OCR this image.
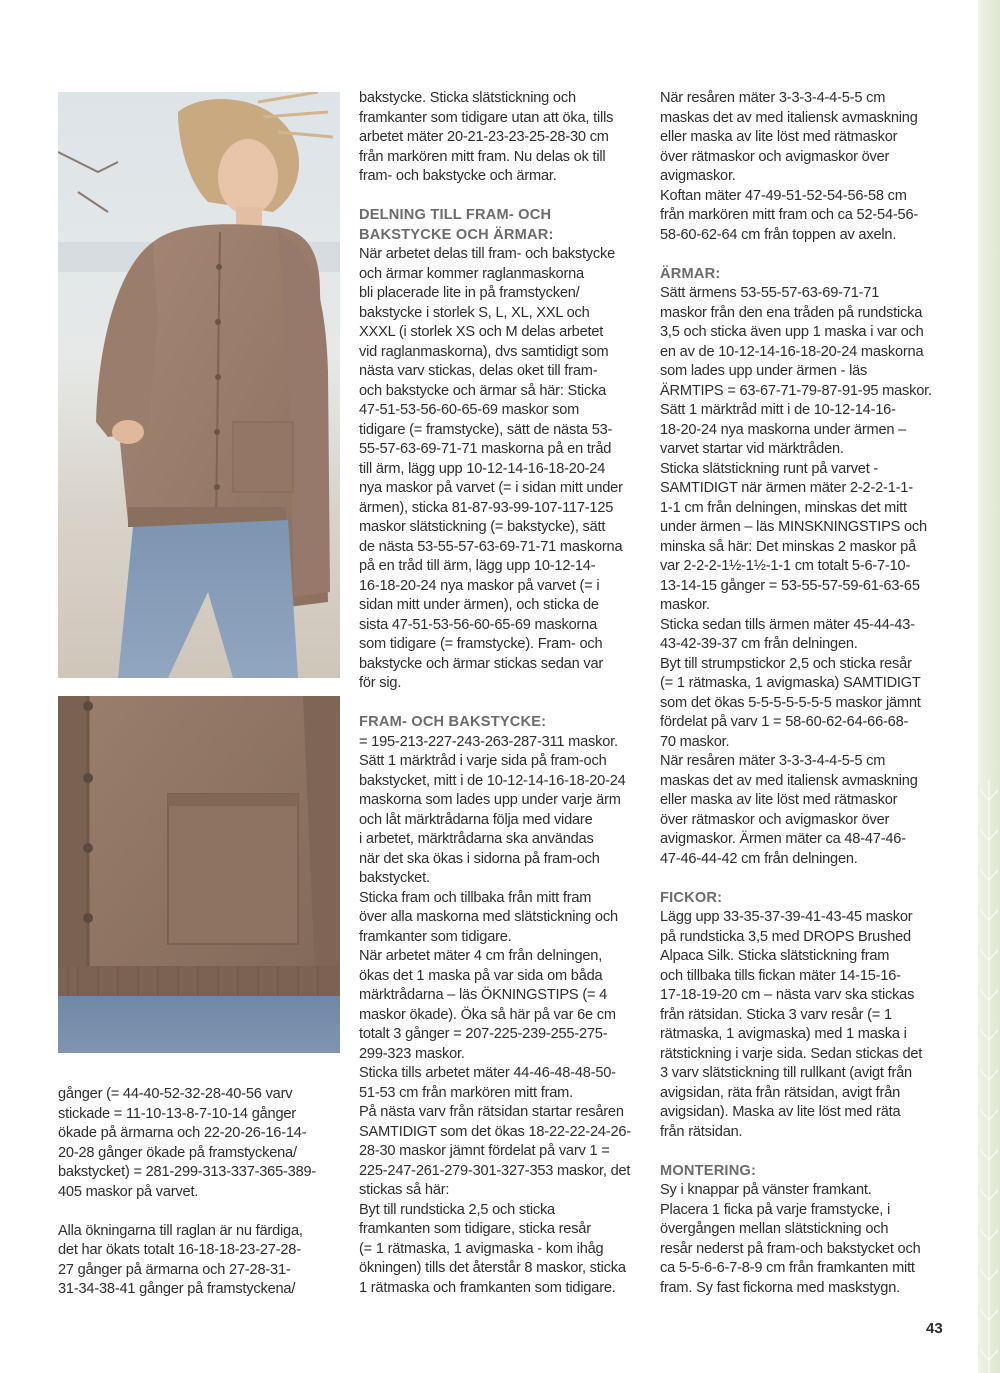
gånger (= 44-40-52-32-28-40-56 varv
stickade = 11-10-13-8-7-10-14 gånger
ökade på ärmarna och 22-20-26-16-14-
20-28 gånger ökade på framstyckena/
bakstycket) = 281-299-313-337-365-389-
405 maskor på varvet.

Alla ökningarna till raglan är nu färdiga,
det har ökats totalt 16-18-18-23-27-28-
27 gånger på ärmarna och 27-28-31-
31-34-38-41 gånger på framstyckena/

bakstycke. Sticka slätstickning och
framkanter som tidigare utan att öka, tills
arbetet mäter 20-21-23-23-25-28-30 cm
från markören mitt fram. Nu delas ok till
fram- och bakstycke och ärmar.

DELNING TILL FRAM- OCH
BAKSTYCKE OCH ÄRMAR:

När arbetet delas till fram- och bakstycke
och ärmar kommer raglanmaskorna
bli placerade lite in på framstycken/
bakstycke i storlek S, L, XL, XXL och
XXXL (i storlek XS och M delas arbetet
vid raglanmaskorna), dvs samtidigt som
nästa varv stickas, delas oket till fram-
och bakstycke och ärmar så här: Sticka
47-51-53-56-60-65-69 maskor som
tidigare (= framstycke), sätt de nästa 53-
55-57-63-69-71-71 maskorna på en tråd
till ärm, lägg upp 10-12-14-16-18-20-24
nya maskor på varvet (= i sidan mitt under
ärmen), sticka 81-87-93-99-107-117-125
maskor slätstickning (= bakstycke), sätt
de nästa 53-55-57-63-69-71-71 maskorna
på en tråd till ärm, lägg upp 10-12-14-
16-18-20-24 nya maskor på varvet (= i
sidan mitt under ärmen), och sticka de
sista 47-51-53-56-60-65-69 maskorna
som tidigare (= framstycke). Fram- och
bakstycke och ärmar stickas sedan var
för sig.

FRAM- OCH BAKSTYCKE:

= 195-213-227-243-263-287-311 maskor.
Sätt 1 märktråd i varje sida på fram-och
bakstycket, mitt i de 10-12-14-16-18-20-24
maskorna som lades upp under varje ärm
och låt märktrådarna följa med vidare
i arbetet, märktrådarna ska användas
när det ska ökas i sidorna på fram-och
bakstycket.
Sticka fram och tillbaka från mitt fram
över alla maskorna med slätstickning och
framkanter som tidigare.
När arbetet mäter 4 cm från delningen,
ökas det 1 maska på var sida om båda
märktrådarna – läs ÖKNINGSTIPS (= 4
maskor ökade). Öka så här på var 6e cm
totalt 3 gånger = 207-225-239-255-275-
299-323 maskor.
Sticka tills arbetet mäter 44-46-48-48-50-
51-53 cm från markören mitt fram.
På nästa varv från rätsidan startar resåren
SAMTIDIGT som det ökas 18-22-22-24-26-
28-30 maskor jämnt fördelat på varv 1 =
225-247-261-279-301-327-353 maskor, det
stickas så här:
Byt till rundsticka 2,5 och sticka
framkanten som tidigare, sticka resår
(= 1 rätmaska, 1 avigmaska - kom ihåg
ökningen) tills det återstår 8 maskor, sticka
1 rätmaska och framkanten som tidigare.

När resåren mäter 3-3-3-4-4-5-5 cm
maskas det av med italiensk avmaskning
eller maska av lite löst med rätmaskor
över rätmaskor och avigmaskor över
avigmaskor.
Koftan mäter 47-49-51-52-54-56-58 cm
från markören mitt fram och ca 52-54-56-
58-60-62-64 cm från toppen av axeln.

ÄRMAR:

Sätt ärmens 53-55-57-63-69-71-71
maskor från den ena tråden på rundsticka
3,5 och sticka även upp 1 maska i var och
en av de 10-12-14-16-18-20-24 maskorna
som lades upp under ärmen - läs
ÄRMTIPS = 63-67-71-79-87-91-95 maskor.
Sätt 1 märktråd mitt i de 10-12-14-16-
18-20-24 nya maskorna under ärmen –
varvet startar vid märktråden.
Sticka slätstickning runt på varvet -
SAMTIDIGT när ärmen mäter 2-2-2-1-1-
1-1 cm från delningen, minskas det mitt
under ärmen – läs MINSKNINGSTIPS och
minska så här: Det minskas 2 maskor på
var 2-2-2-1½-1½-1-1 cm totalt 5-6-7-10-
13-14-15 gånger = 53-55-57-59-61-63-65
maskor.
Sticka sedan tills ärmen mäter 45-44-43-
43-42-39-37 cm från delningen.
Byt till strumpstickor 2,5 och sticka resår
(= 1 rätmaska, 1 avigmaska) SAMTIDIGT
som det ökas 5-5-5-5-5-5-5 maskor jämnt
fördelat på varv 1 = 58-60-62-64-66-68-
70 maskor.
När resåren mäter 3-3-3-4-4-5-5 cm
maskas det av med italiensk avmaskning
eller maska av lite löst med rätmaskor
över rätmaskor och avigmaskor över
avigmaskor. Ärmen mäter ca 48-47-46-
47-46-44-42 cm från delningen.

FICKOR:

Lägg upp 33-35-37-39-41-43-45 maskor
på rundsticka 3,5 med DROPS Brushed
Alpaca Silk. Sticka slätstickning fram
och tillbaka tills fickan mäter 14-15-16-
17-18-19-20 cm – nästa varv ska stickas
från rätsidan. Sticka 3 varv resår (= 1
rätmaska, 1 avigmaska) med 1 maska i
rätstickning i varje sida. Sedan stickas det
3 varv slätstickning till rullkant (avigt från
avigsidan, räta från rätsidan, avigt från
avigsidan). Maska av lite löst med räta
från rätsidan.

MONTERING:

Sy i knappar på vänster framkant.
Placera 1 ficka på varje framstycke, i
övergången mellan slätstickning och
resår nederst på fram-och bakstycket och
ca 5-5-6-6-7-8-9 cm från framkanten mitt
fram. Sy fast fickorna med maskstygn.

43
